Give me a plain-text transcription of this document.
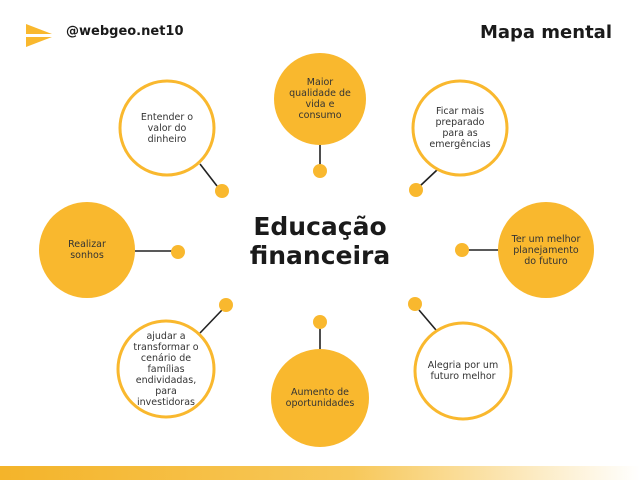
@webgeo.net10	Mapa mental
Maior qualidade de vida e consumo	Ficar mais preparado para as emergências
Ter um melhor planejamento do futuro
Alegria por um futuro melhor
Aumento de oportunidades
ajudar a transformar o cenário de famílias endividadas, para investidoras
Realizar sonhos
Entender o valor do dinheiro
Educação
financeira
